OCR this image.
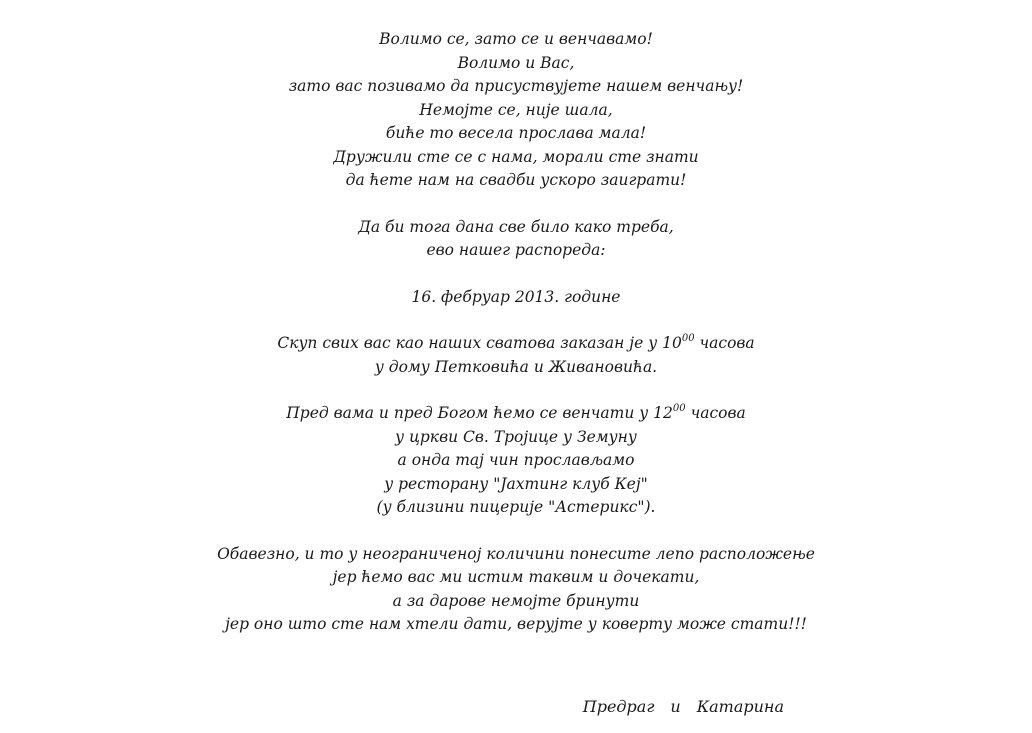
Волимо се, зато се и венчавамо!
Волимо и Вас,
зато вас позивамо да присуствујете нашем венчању!
Немојте се, није шала,
биће то весела прослава мала!
Дружили сте се с нама, морали сте знати
да ћете нам на свадби ускоро заиграти!
Да би тога дана све било како треба,
ево нашег распореда:
16. фебруар 2013. године
Скуп свих вас као наших сватова заказан је у $10^{00}$ часова
у дому Петковића и Живановића.
Пред вама и пред Богом ћемо се венчати у $12^{00}$ часова
у цркви Св. Тројице у Земуну
а онда тај чин прослављамо
у ресторану "Јахтинг клуб Кеј"
(у близини пицерије "Астерикс").
Обавезно, и то у неограниченој количини понесите лепо расположење
јер ћемо вас ми истим таквим и дочекати,
а за дарове немојте бринути
јер оно што сте нам хтели дати, верујте у коверту може стати!!!
Предраг и Катарина
